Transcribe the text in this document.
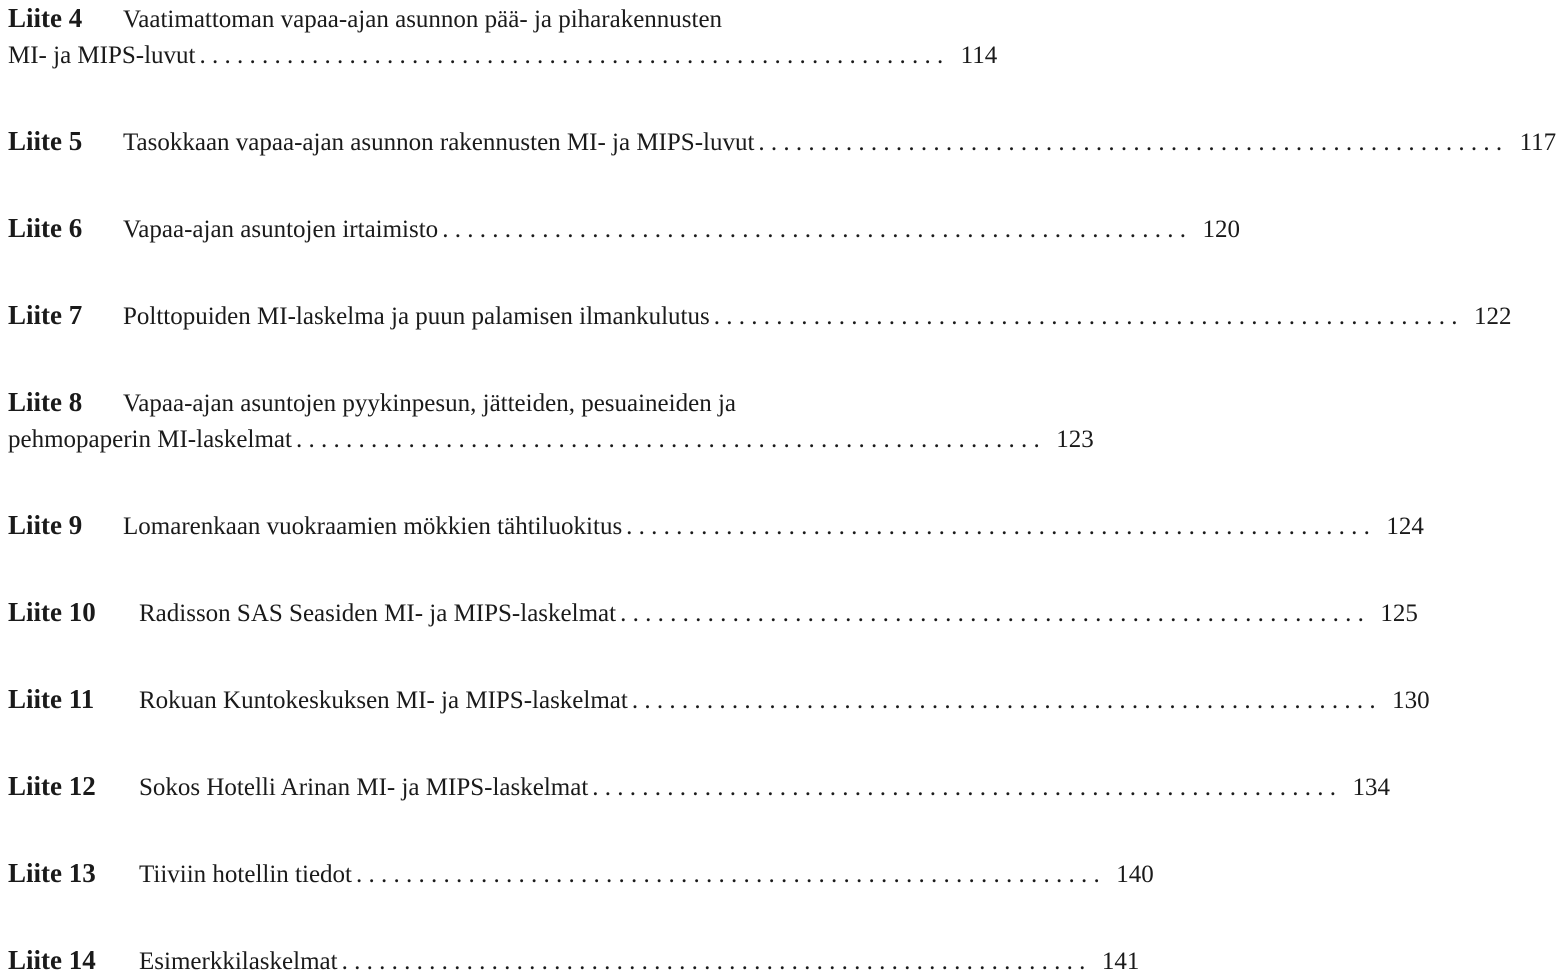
Liite 4	Vaatimattoman vapaa-ajan asunnon pää- ja piharakennusten
MI- ja MIPS-luvut . . . . . . . . . . . . . . . . . . . . . . . . . . . . . . . . . . . . . . . . . . . . . . . . . . . . . . . . . . . . 114
Liite 5	Tasokkaan vapaa-ajan asunnon rakennusten MI- ja MIPS-luvut . . . . . . . . . . . . . . . . . . . . . . . . . . . . . . . . . . . . . . . . . . . . . . . . . . . . . . . . . . . . 117
Liite 6	Vapaa-ajan asuntojen irtaimisto . . . . . . . . . . . . . . . . . . . . . . . . . . . . . . . . . . . . . . . . . . . . . . . . . . . . . . . . . . . . 120
Liite 7	Polttopuiden MI-laskelma ja puun palamisen ilmankulutus . . . . . . . . . . . . . . . . . . . . . . . . . . . . . . . . . . . . . . . . . . . . . . . . . . . . . . . . . . . . 122
Liite 8	Vapaa-ajan asuntojen pyykinpesun, jätteiden, pesuaineiden ja
pehmopaperin MI-laskelmat . . . . . . . . . . . . . . . . . . . . . . . . . . . . . . . . . . . . . . . . . . . . . . . . . . . . . . . . . . . . 123
Liite 9	Lomarenkaan vuokraamien mökkien tähtiluokitus . . . . . . . . . . . . . . . . . . . . . . . . . . . . . . . . . . . . . . . . . . . . . . . . . . . . . . . . . . . . 124
Liite 10	Radisson SAS Seasiden MI- ja MIPS-laskelmat . . . . . . . . . . . . . . . . . . . . . . . . . . . . . . . . . . . . . . . . . . . . . . . . . . . . . . . . . . . . 125
Liite 11	Rokuan Kuntokeskuksen MI- ja MIPS-laskelmat . . . . . . . . . . . . . . . . . . . . . . . . . . . . . . . . . . . . . . . . . . . . . . . . . . . . . . . . . . . . 130
Liite 12	Sokos Hotelli Arinan MI- ja MIPS-laskelmat . . . . . . . . . . . . . . . . . . . . . . . . . . . . . . . . . . . . . . . . . . . . . . . . . . . . . . . . . . . . 134
Liite 13	Tiiviin hotellin tiedot . . . . . . . . . . . . . . . . . . . . . . . . . . . . . . . . . . . . . . . . . . . . . . . . . . . . . . . . . . . . 140
Liite 14	Esimerkkilaskelmat . . . . . . . . . . . . . . . . . . . . . . . . . . . . . . . . . . . . . . . . . . . . . . . . . . . . . . . . . . . . 141
